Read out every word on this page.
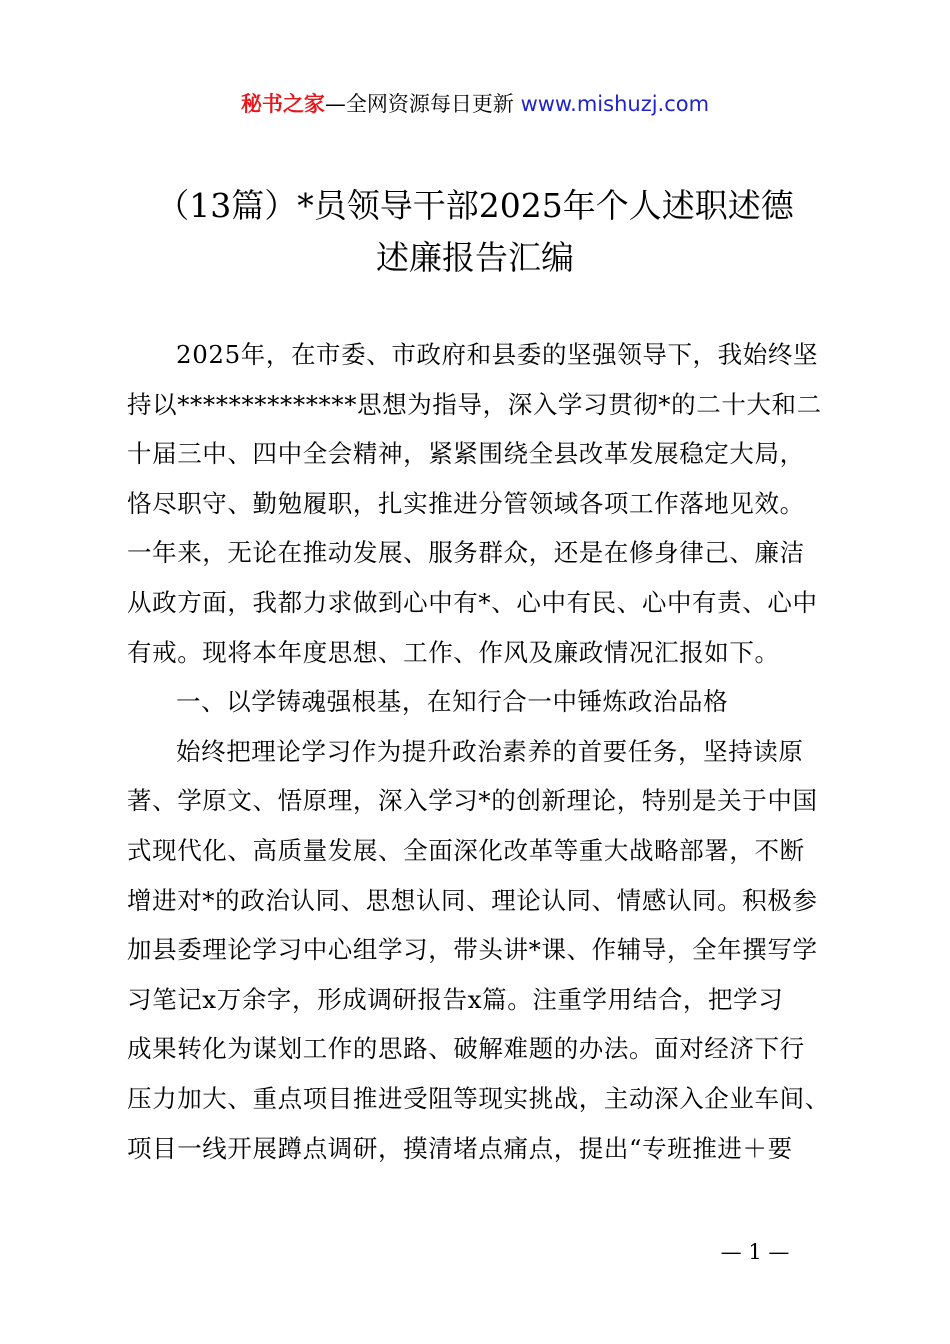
秘书之家—全网资源每日更新 www.mishuzj.com
（13篇）*员领导干部2025年个人述职述德
述廉报告汇编
2025年，在市委、市政府和县委的坚强领导下，我始终坚
持以**************思想为指导，深入学习贯彻*的二十大和二
十届三中、四中全会精神，紧紧围绕全县改革发展稳定大局，
恪尽职守、勤勉履职，扎实推进分管领域各项工作落地见效。
一年来，无论在推动发展、服务群众，还是在修身律己、廉洁
从政方面，我都力求做到心中有*、心中有民、心中有责、心中
有戒。现将本年度思想、工作、作风及廉政情况汇报如下。
一、以学铸魂强根基，在知行合一中锤炼政治品格
始终把理论学习作为提升政治素养的首要任务，坚持读原
著、学原文、悟原理，深入学习*的创新理论，特别是关于中国
式现代化、高质量发展、全面深化改革等重大战略部署，不断
增进对*的政治认同、思想认同、理论认同、情感认同。积极参
加县委理论学习中心组学习，带头讲*课、作辅导，全年撰写学
习笔记x万余字，形成调研报告x篇。注重学用结合，把学习
成果转化为谋划工作的思路、破解难题的办法。面对经济下行
压力加大、重点项目推进受阻等现实挑战，主动深入企业车间、
项目一线开展蹲点调研，摸清堵点痛点，提出“专班推进＋要
— 1 —
